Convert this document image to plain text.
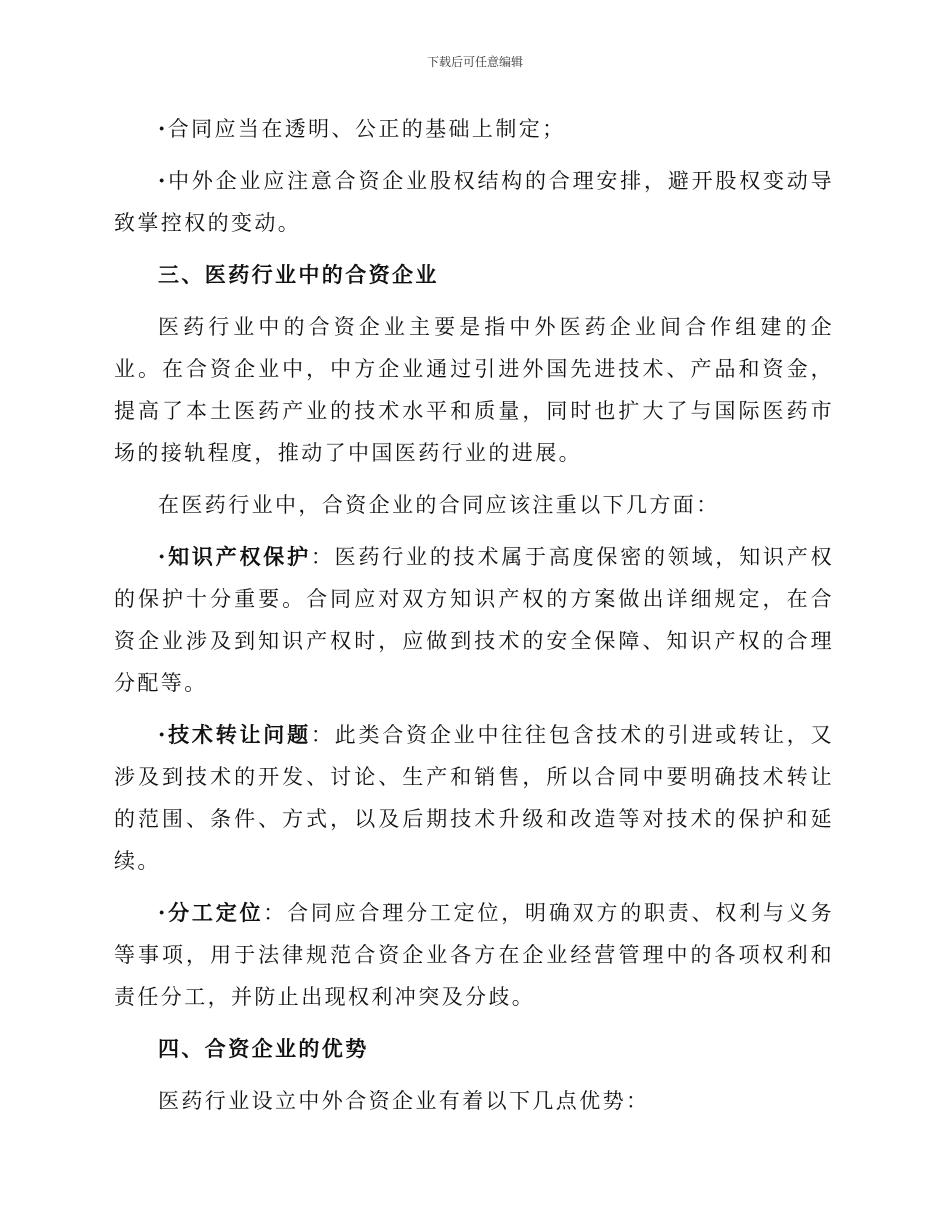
下载后可任意编辑

·合同应当在透明、公正的基础上制定；

·中外企业应注意合资企业股权结构的合理安排，避开股权变动导致掌控权的变动。

三、医药行业中的合资企业

医药行业中的合资企业主要是指中外医药企业间合作组建的企业。在合资企业中，中方企业通过引进外国先进技术、产品和资金，提高了本土医药产业的技术水平和质量，同时也扩大了与国际医药市场的接轨程度，推动了中国医药行业的进展。

在医药行业中，合资企业的合同应该注重以下几方面：

·知识产权保护：医药行业的技术属于高度保密的领域，知识产权的保护十分重要。合同应对双方知识产权的方案做出详细规定，在合资企业涉及到知识产权时，应做到技术的安全保障、知识产权的合理分配等。

·技术转让问题：此类合资企业中往往包含技术的引进或转让，又涉及到技术的开发、讨论、生产和销售，所以合同中要明确技术转让的范围、条件、方式，以及后期技术升级和改造等对技术的保护和延续。

·分工定位：合同应合理分工定位，明确双方的职责、权利与义务等事项，用于法律规范合资企业各方在企业经营管理中的各项权利和责任分工，并防止出现权利冲突及分歧。

四、合资企业的优势

医药行业设立中外合资企业有着以下几点优势：
